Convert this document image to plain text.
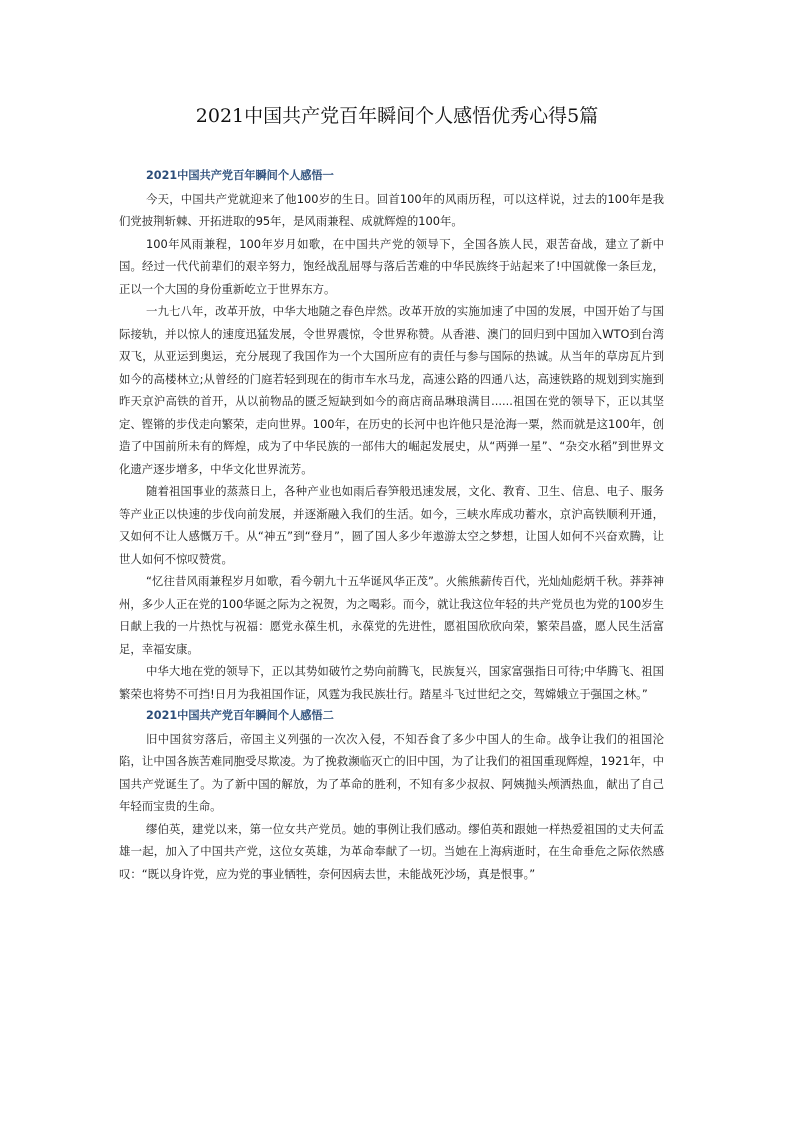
2021中国共产党百年瞬间个人感悟优秀心得5篇

2021中国共产党百年瞬间个人感悟一

今天，中国共产党就迎来了他100岁的生日。回首100年的风雨历程，可以这样说，过去的100年是我们党披荆斩棘、开拓进取的95年，是风雨兼程、成就辉煌的100年。

100年风雨兼程，100年岁月如歌，在中国共产党的领导下，全国各族人民，艰苦奋战，建立了新中国。经过一代代前辈们的艰辛努力，饱经战乱屈辱与落后苦难的中华民族终于站起来了!中国就像一条巨龙，正以一个大国的身份重新屹立于世界东方。

一九七八年，改革开放，中华大地随之春色岸然。改革开放的实施加速了中国的发展，中国开始了与国际接轨，并以惊人的速度迅猛发展，令世界震惊，令世界称赞。从香港、澳门的回归到中国加入WTO到台湾双飞，从亚运到奥运，充分展现了我国作为一个大国所应有的责任与参与国际的热诚。从当年的草房瓦片到如今的高楼林立;从曾经的门庭若轻到现在的街市车水马龙，高速公路的四通八达，高速铁路的规划到实施到昨天京沪高铁的首开，从以前物品的匮乏短缺到如今的商店商品琳琅满目......祖国在党的领导下，正以其坚定、铿锵的步伐走向繁荣，走向世界。100年，在历史的长河中也许他只是沧海一粟，然而就是这100年，创造了中国前所未有的辉煌，成为了中华民族的一部伟大的崛起发展史，从“两弹一星”、“杂交水稻”到世界文化遗产逐步增多，中华文化世界流芳。

随着祖国事业的蒸蒸日上，各种产业也如雨后春笋般迅速发展，文化、教育、卫生、信息、电子、服务等产业正以快速的步伐向前发展，并逐渐融入我们的生活。如今，三峡水库成功蓄水，京沪高铁顺利开通，又如何不让人感慨万千。从“神五”到“登月”，圆了国人多少年遨游太空之梦想，让国人如何不兴奋欢腾，让世人如何不惊叹赞赏。

“忆往昔风雨兼程岁月如歌，看今朝九十五华诞风华正茂”。火熊熊薪传百代，光灿灿彪炳千秋。莽莽神州，多少人正在党的100华诞之际为之祝贺，为之喝彩。而今，就让我这位年轻的共产党员也为党的100岁生日献上我的一片热忱与祝福：愿党永葆生机，永葆党的先进性，愿祖国欣欣向荣，繁荣昌盛，愿人民生活富足，幸福安康。

中华大地在党的领导下，正以其势如破竹之势向前腾飞，民族复兴，国家富强指日可待;中华腾飞、祖国繁荣也将势不可挡!日月为我祖国作证，风霆为我民族壮行。踏星斗飞过世纪之交，驾嫦娥立于强国之林。”

2021中国共产党百年瞬间个人感悟二

旧中国贫穷落后，帝国主义列强的一次次入侵，不知吞食了多少中国人的生命。战争让我们的祖国沦陷，让中国各族苦难同胞受尽欺凌。为了挽救濒临灭亡的旧中国，为了让我们的祖国重现辉煌，1921年，中国共产党诞生了。为了新中国的解放，为了革命的胜利，不知有多少叔叔、阿姨抛头颅洒热血，献出了自己年轻而宝贵的生命。

缪伯英，建党以来，第一位女共产党员。她的事例让我们感动。缪伯英和跟她一样热爱祖国的丈夫何孟雄一起，加入了中国共产党，这位女英雄，为革命奉献了一切。当她在上海病逝时，在生命垂危之际依然感叹：“既以身许党，应为党的事业牺牲，奈何因病去世，未能战死沙场，真是恨事。”
